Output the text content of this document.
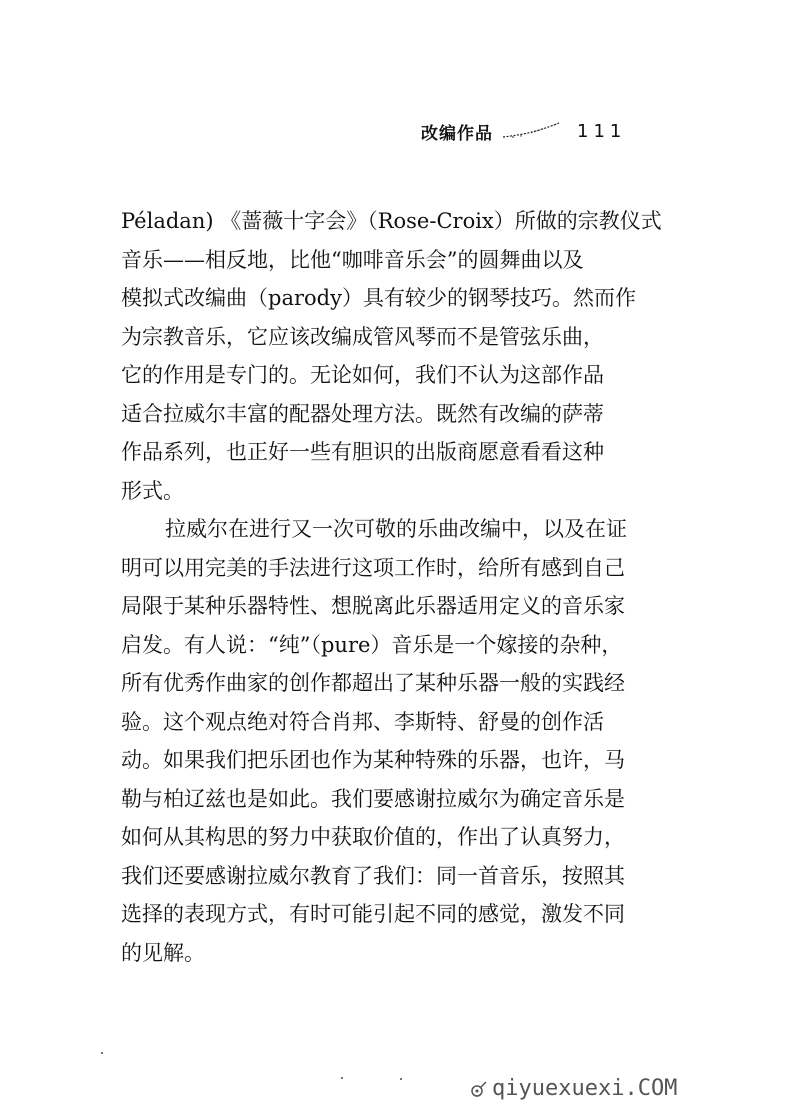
改编作品	111

Péladan) 《蔷薇十字会》（Rose-Croix）所做的宗教仪式
音乐——相反地，比他“咖啡音乐会”的圆舞曲以及
模拟式改编曲（parody）具有较少的钢琴技巧。然而作
为宗教音乐，它应该改编成管风琴而不是管弦乐曲，
它的作用是专门的。无论如何，我们不认为这部作品
适合拉威尔丰富的配器处理方法。既然有改编的萨蒂
作品系列，也正好一些有胆识的出版商愿意看看这种
形式。

拉威尔在进行又一次可敬的乐曲改编中，以及在证
明可以用完美的手法进行这项工作时，给所有感到自己
局限于某种乐器特性、想脱离此乐器适用定义的音乐家
启发。有人说：“纯”（pure）音乐是一个嫁接的杂种，
所有优秀作曲家的创作都超出了某种乐器一般的实践经
验。这个观点绝对符合肖邦、李斯特、舒曼的创作活
动。如果我们把乐团也作为某种特殊的乐器，也许，马
勒与柏辽兹也是如此。我们要感谢拉威尔为确定音乐是
如何从其构思的努力中获取价值的，作出了认真努力，
我们还要感谢拉威尔教育了我们：同一首音乐，按照其
选择的表现方式，有时可能引起不同的感觉，激发不同
的见解。

qiyuexuexi.COM
